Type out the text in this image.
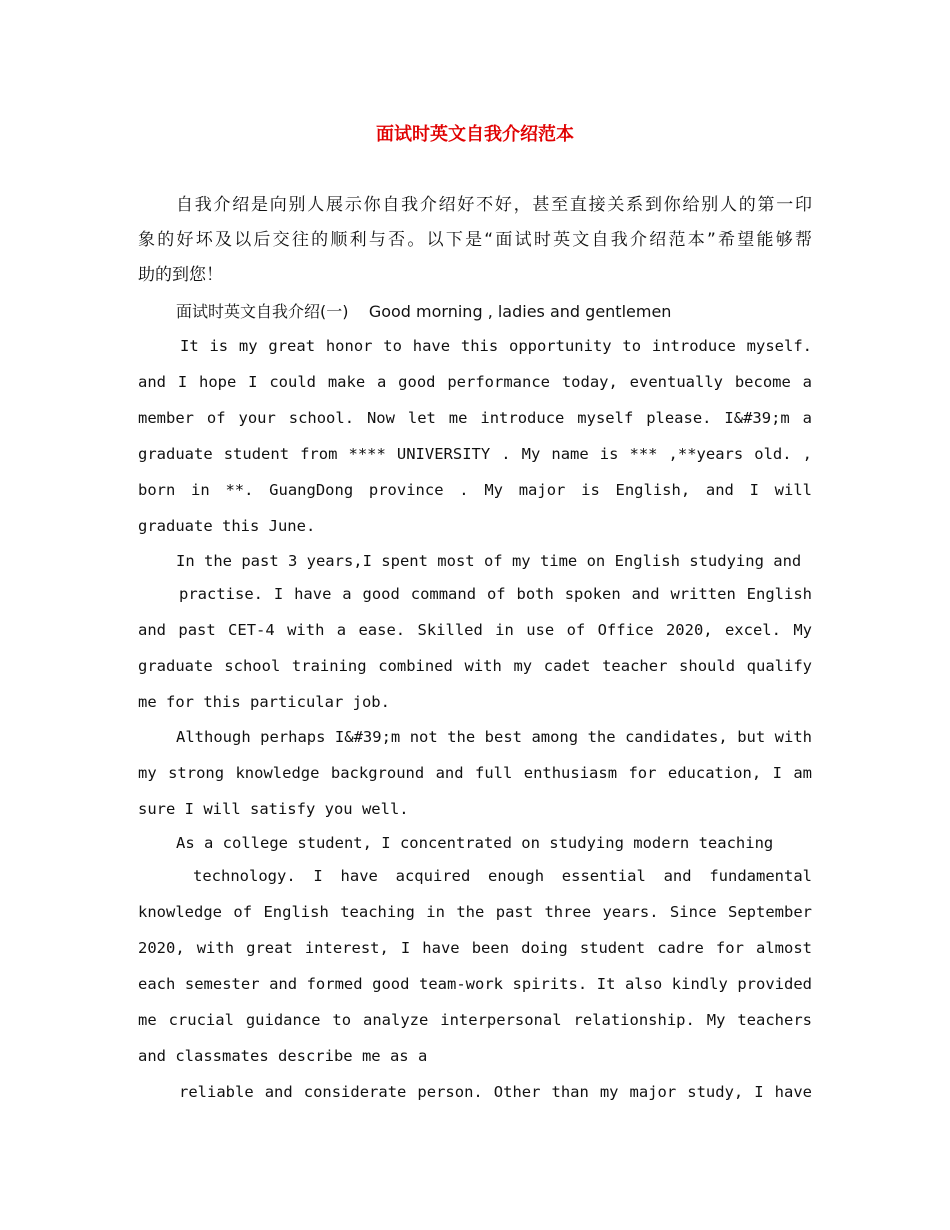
面试时英文自我介绍范本
自我介绍是向别人展示你自我介绍好不好，甚至直接关系到你给别人的第一印
象的好坏及以后交往的顺利与否。以下是“面试时英文自我介绍范本”希望能够帮
助的到您！
面试时英文自我介绍(一)    Good morning , ladies and gentlemen
It is my great honor to have this opportunity to introduce myself.
and I hope I could make a good performance today, eventually become a
member of your school. Now let me introduce myself please. I&#39;m a
graduate student from **** UNIVERSITY . My name is *** ,**years old. ,
born in **. GuangDong province . My major is English, and I will
graduate this June.
In the past 3 years,I spent most of my time on English studying and
practise. I have a good command of both spoken and written English
and past CET-4 with a ease. Skilled in use of Office 2020, excel. My
graduate school training combined with my cadet teacher should qualify
me for this particular job.
Although perhaps I&#39;m not the best among the candidates, but with
my strong knowledge background and full enthusiasm for education, I am
sure I will satisfy you well.
As a college student, I concentrated on studying modern teaching
technology. I have acquired enough essential and fundamental
knowledge of English teaching in the past three years. Since September
2020, with great interest, I have been doing student cadre for almost
each semester and formed good team-work spirits. It also kindly provided
me crucial guidance to analyze interpersonal relationship. My teachers
and classmates describe me as a
reliable and considerate person. Other than my major study, I have
